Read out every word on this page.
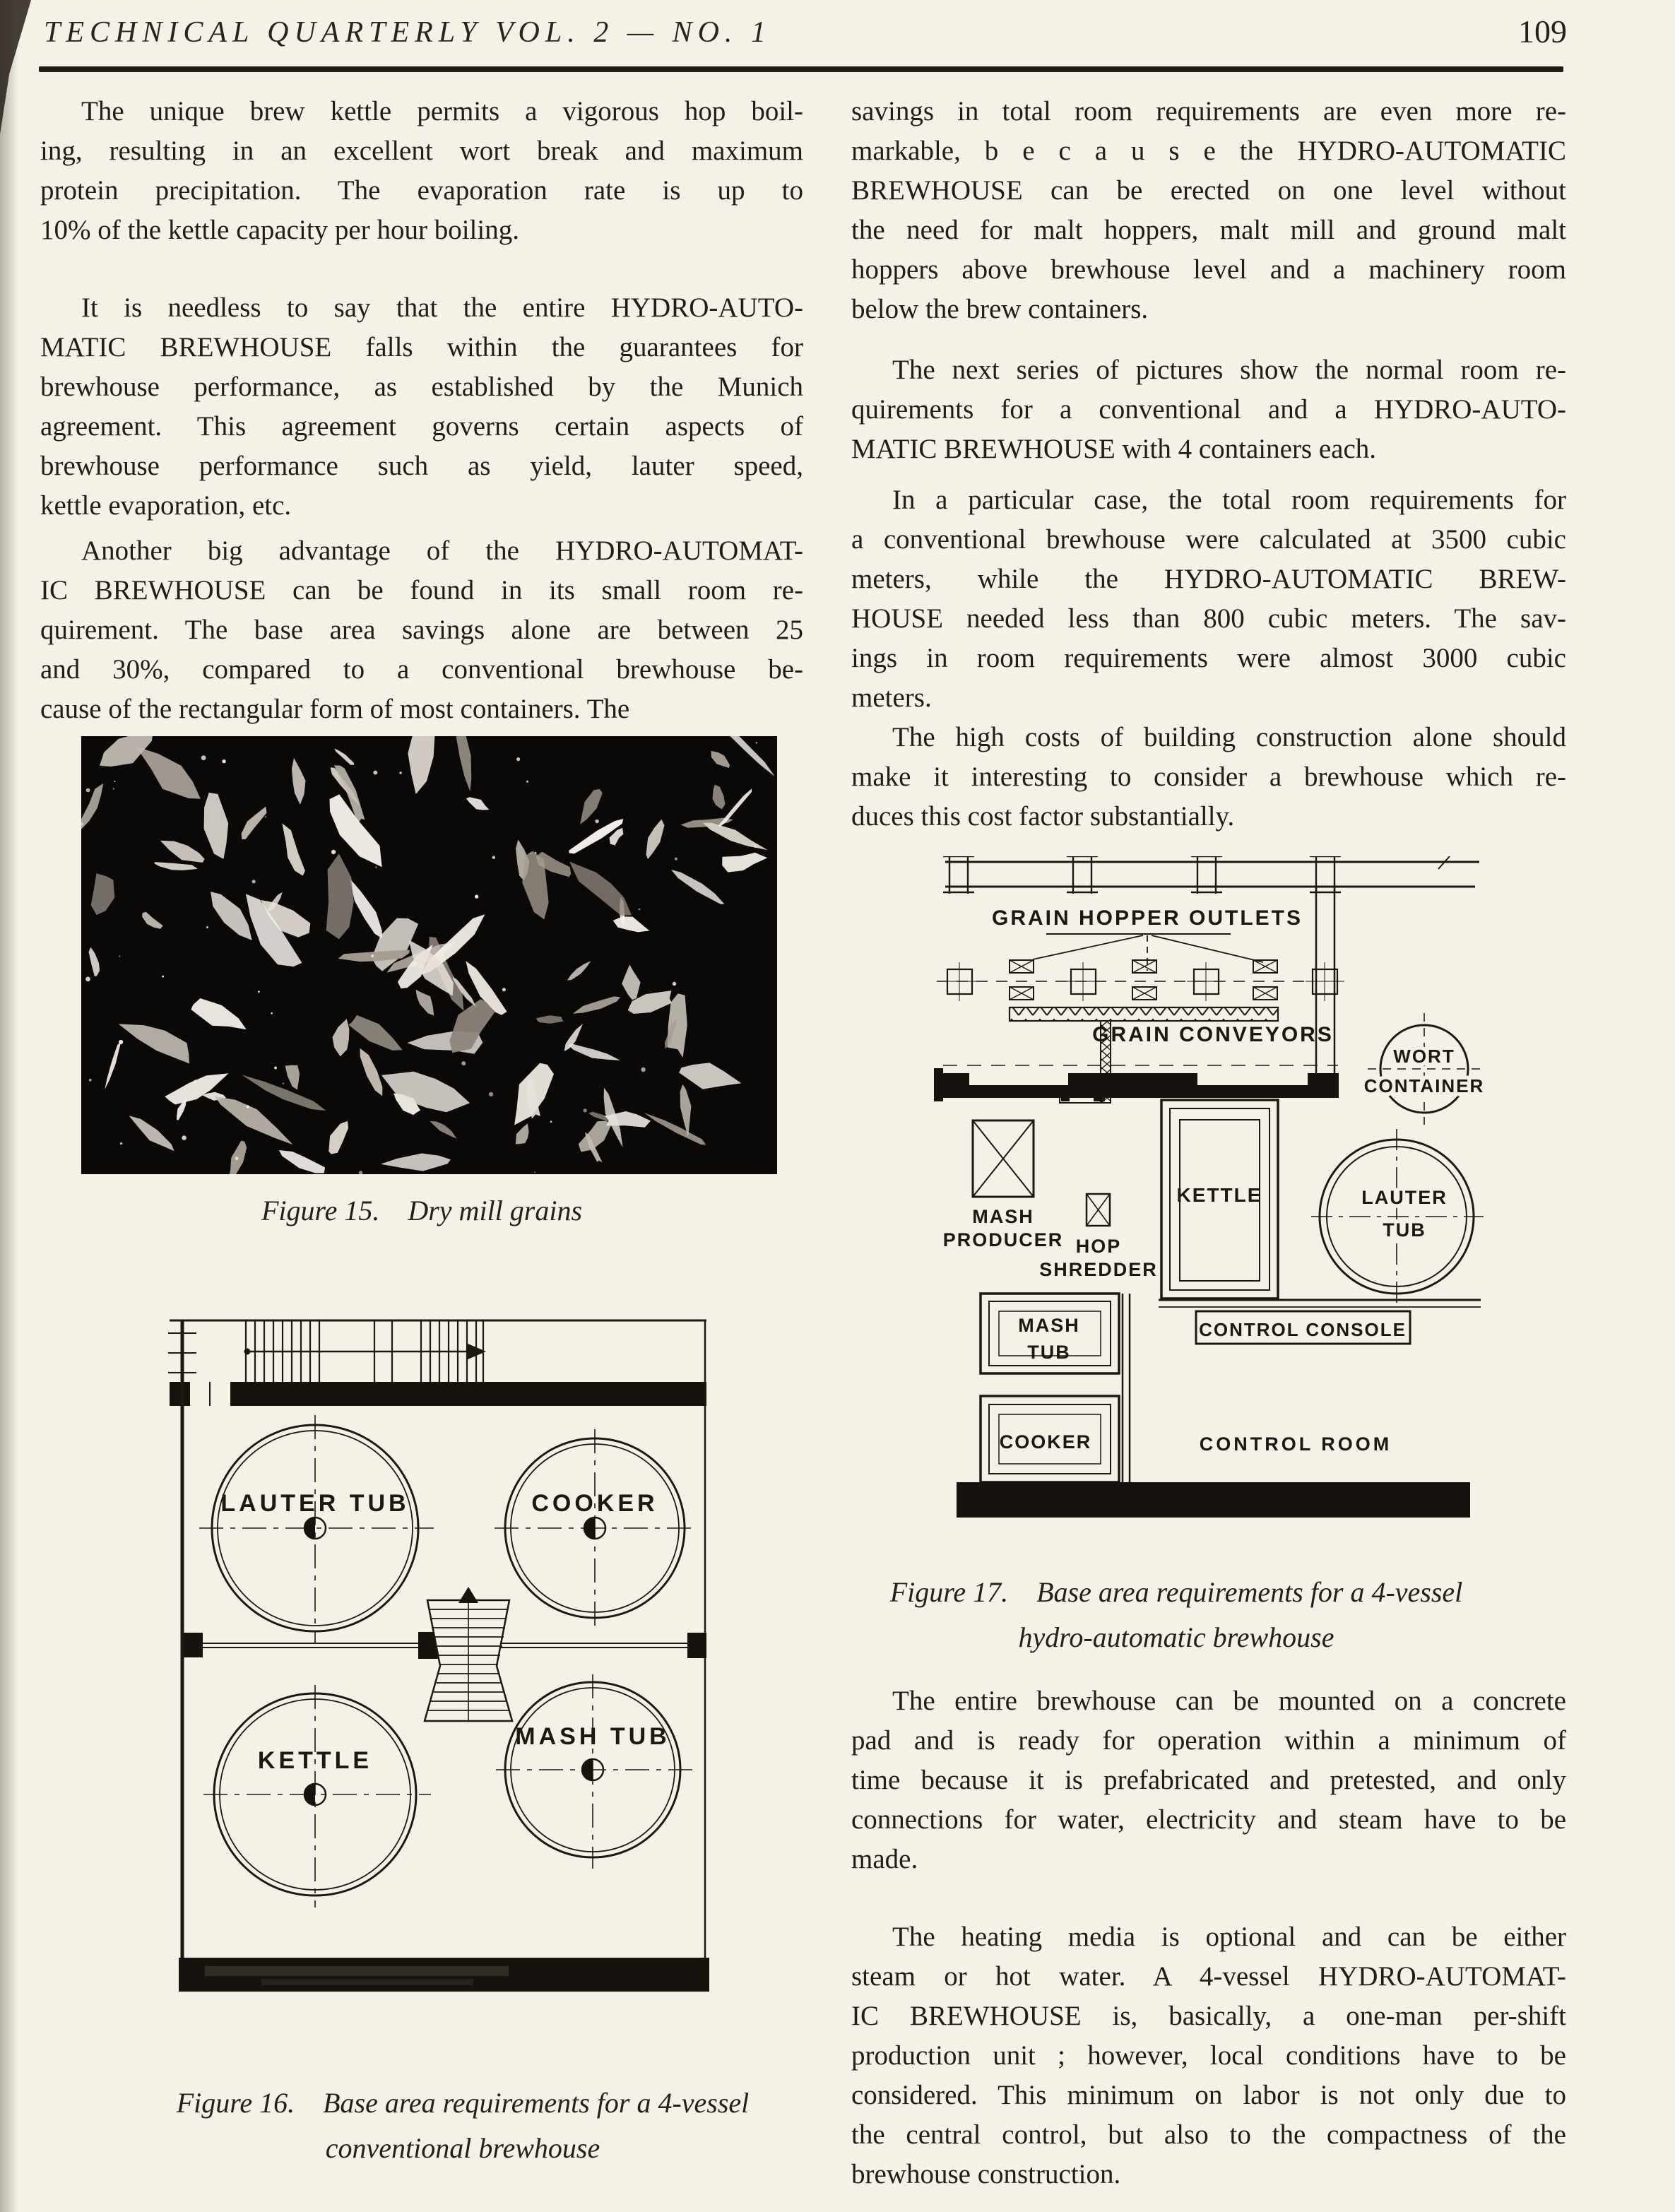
TECHNICAL QUARTERLY VOL. 2 — NO. 1	109
The unique brew kettle permits a vigorous hop boil-
ing, resulting in an excellent wort break and maximum
protein precipitation. The evaporation rate is up to
10% of the kettle capacity per hour boiling.
It is needless to say that the entire HYDRO-AUTO-
MATIC BREWHOUSE falls within the guarantees for
brewhouse performance, as established by the Munich
agreement. This agreement governs certain aspects of
brewhouse performance such as yield, lauter speed,
kettle evaporation, etc.
Another big advantage of the HYDRO-AUTOMAT-
IC BREWHOUSE can be found in its small room re-
quirement. The base area savings alone are between 25
and 30%, compared to a conventional brewhouse be-
cause of the rectangular form of most containers. The
savings in total room requirements are even more re-
markable, b e c a u s e the HYDRO-AUTOMATIC
BREWHOUSE can be erected on one level without
the need for malt hoppers, malt mill and ground malt
hoppers above brewhouse level and a machinery room
below the brew containers.
The next series of pictures show the normal room re-
quirements for a conventional and a HYDRO-AUTO-
MATIC BREWHOUSE with 4 containers each.
In a particular case, the total room requirements for
a conventional brewhouse were calculated at 3500 cubic
meters, while the HYDRO-AUTOMATIC BREW-
HOUSE needed less than 800 cubic meters. The sav-
ings in room requirements were almost 3000 cubic
meters.
The high costs of building construction alone should
make it interesting to consider a brewhouse which re-
duces this cost factor substantially.
The entire brewhouse can be mounted on a concrete
pad and is ready for operation within a minimum of
time because it is prefabricated and pretested, and only
connections for water, electricity and steam have to be
made.
The heating media is optional and can be either
steam or hot water. A 4-vessel HYDRO-AUTOMAT-
IC BREWHOUSE is, basically, a one-man per-shift
production unit ; however, local conditions have to be
considered. This minimum on labor is not only due to
the central control, but also to the compactness of the
brewhouse construction.
Figure 15. Dry mill grains
LAUTER TUB	COOKER
KETTLE
MASH TUB
Figure 16. Base area requirements for a 4-vessel
conventional brewhouse
GRAIN HOPPER OUTLETS
GRAIN CONVEYORS
WORT
CONTAINER
MASH
PRODUCER HOP
SHREDDER
KETTLE	LAUTER
TUB
CONTROL CONSOLE
MASH
TUB
COOKER	CONTROL ROOM
Figure 17. Base area requirements for a 4-vessel
hydro-automatic brewhouse
